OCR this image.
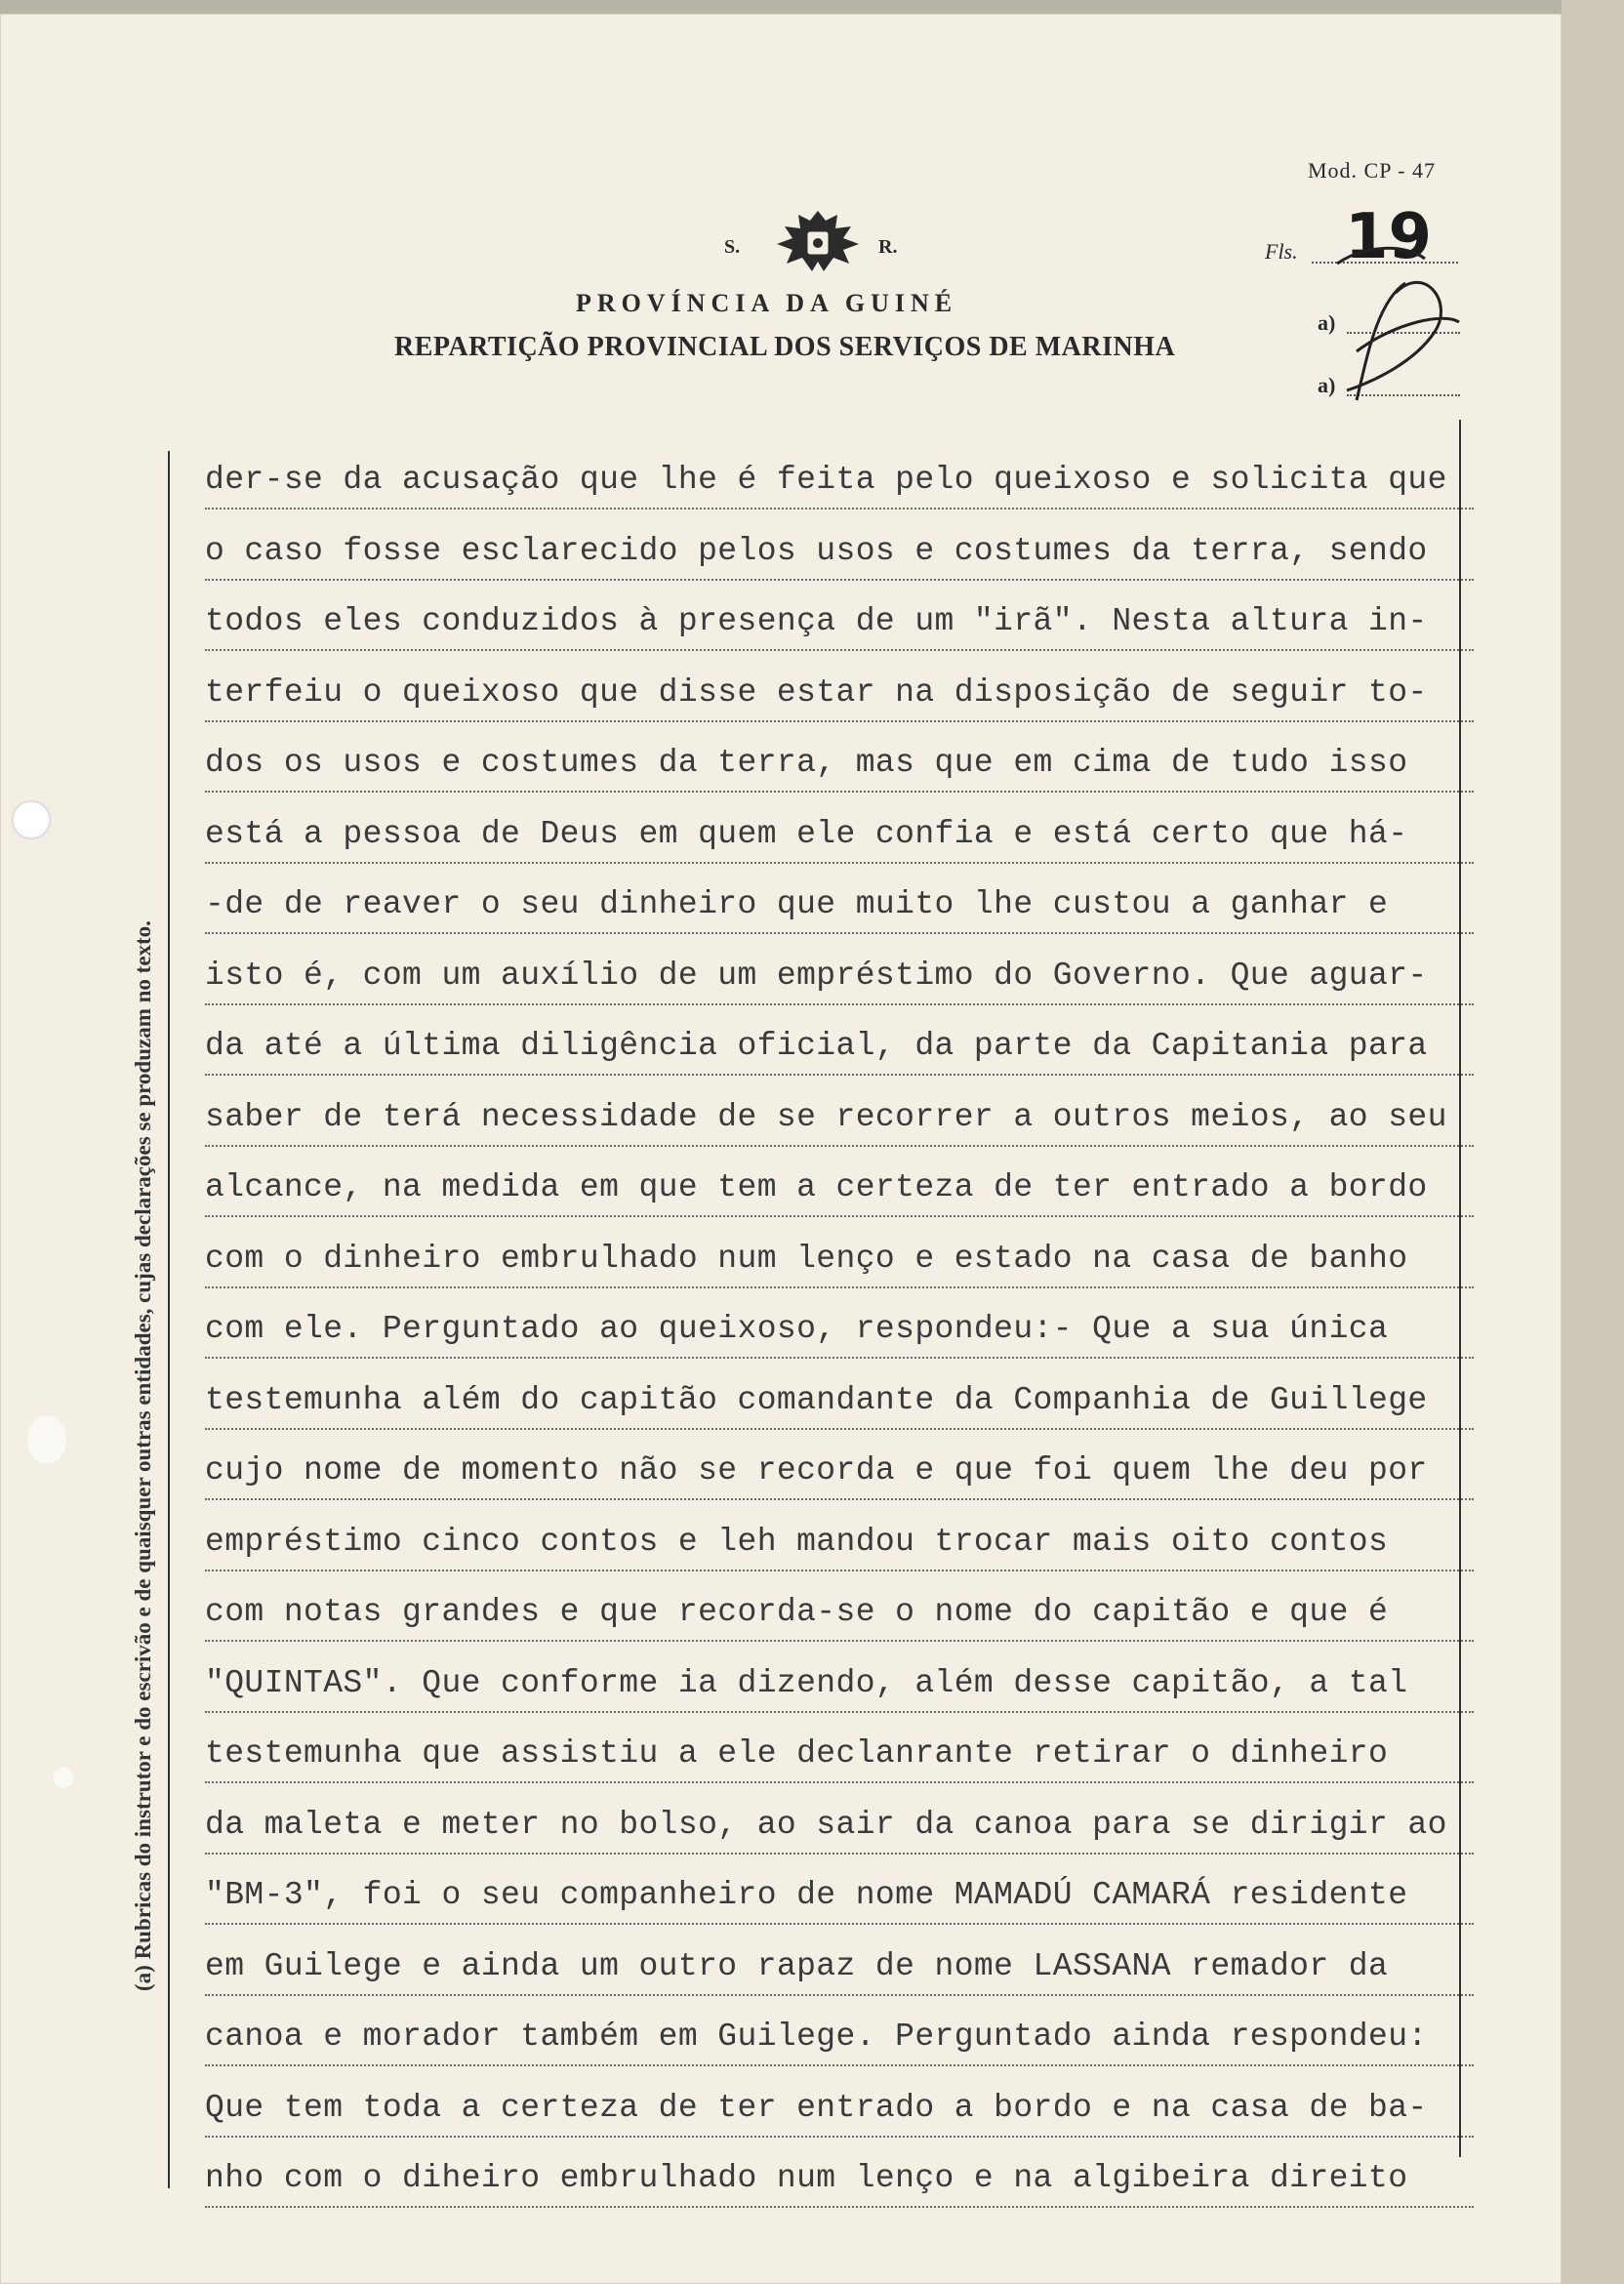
Mod. CP - 47
S.	R.
PROVÍNCIA DA GUINÉ
REPARTIÇÃO PROVINCIAL DOS SERVIÇOS DE MARINHA
Fls. 19
a)
a)
(a) Rubricas do instrutor e do escrivão e de quaisquer outras entidades, cujas declarações se produzam no texto.
der-se da acusação que lhe é feita pelo queixoso e solicita que
o caso fosse esclarecido pelos usos e costumes da terra, sendo
todos eles conduzidos à presença de um "irã". Nesta altura in-
terfeiu o queixoso que disse estar na disposição de seguir to-
dos os usos e costumes da terra, mas que em cima de tudo isso
está a pessoa de Deus em quem ele confia e está certo que há-
-de de reaver o seu dinheiro que muito lhe custou a ganhar e
isto é, com um auxílio de um empréstimo do Governo. Que aguar-
da até a última diligência oficial, da parte da Capitania para
saber de terá necessidade de se recorrer a outros meios, ao seu
alcance, na medida em que tem a certeza de ter entrado a bordo
com o dinheiro embrulhado num lenço e estado na casa de banho
com ele. Perguntado ao queixoso, respondeu:- Que a sua única
testemunha além do capitão comandante da Companhia de Guillege
cujo nome de momento não se recorda e que foi quem lhe deu por
empréstimo cinco contos e leh mandou trocar mais oito contos
com notas grandes e que recorda-se o nome do capitão e que é
"QUINTAS". Que conforme ia dizendo, além desse capitão, a tal
testemunha que assistiu a ele declanrante retirar o dinheiro
da maleta e meter no bolso, ao sair da canoa para se dirigir ao
"BM-3", foi o seu companheiro de nome MAMADÚ CAMARÁ residente
em Guilege e ainda um outro rapaz de nome LASSANA remador da
canoa e morador também em Guilege. Perguntado ainda respondeu:
Que tem toda a certeza de ter entrado a bordo e na casa de ba-
nho com o diheiro embrulhado num lenço e na algibeira direito
